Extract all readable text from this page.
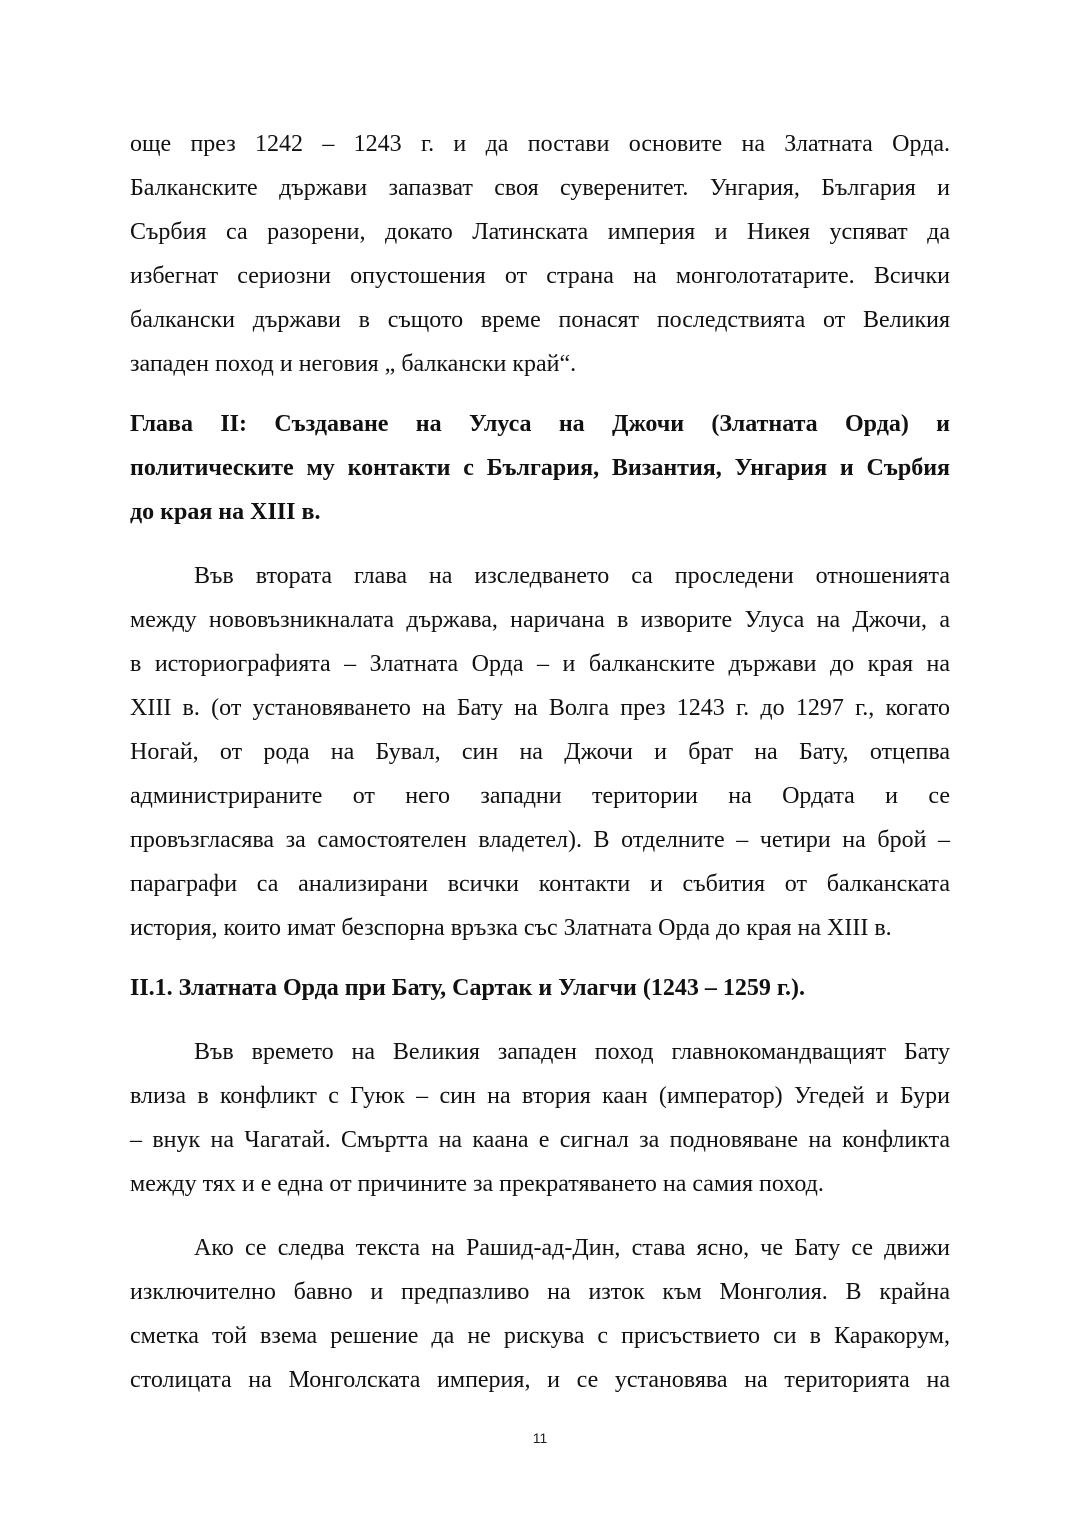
още през 1242 – 1243 г. и да постави основите на Златната Орда.
Балканските държави запазват своя суверенитет. Унгария, България и
Сърбия са разорени, докато Латинската империя и Никея успяват да
избегнат сериозни опустошения от страна на монголотатарите. Всички
балкански държави в същото време понасят последствията от Великия
западен поход и неговия „ балкански край“.
Глава II: Създаване на Улуса на Джочи (Златната Орда) и
политическите му контакти с България, Византия, Унгария и Сърбия
до края на XIII в.
Във втората глава на изследването са проследени отношенията
между нововъзникналата държава, наричана в изворите Улуса на Джочи, а
в историографията – Златната Орда – и балканските държави до края на
XIII в. (от установяването на Бату на Волга през 1243 г. до 1297 г., когато
Ногай, от рода на Бувал, син на Джочи и брат на Бату, отцепва
администрираните от него западни територии на Ордата и се
провъзгласява за самостоятелен владетел). В отделните – четири на брой –
параграфи са анализирани всички контакти и събития от балканската
история, които имат безспорна връзка със Златната Орда до края на XIII в.
II.1. Златната Орда при Бату, Сартак и Улагчи (1243 – 1259 г.).
Във времето на Великия западен поход главнокомандващият Бату
влиза в конфликт с Гуюк – син на втория каан (император) Угедей и Бури
– внук на Чагатай. Смъртта на каана е сигнал за подновяване на конфликта
между тях и е една от причините за прекратяването на самия поход.
Ако се следва текста на Рашид-ад-Дин, става ясно, че Бату се движи
изключително бавно и предпазливо на изток към Монголия. В крайна
сметка той взема решение да не рискува с присъствието си в Каракорум,
столицата на Монголската империя, и се установява на територията на
11
